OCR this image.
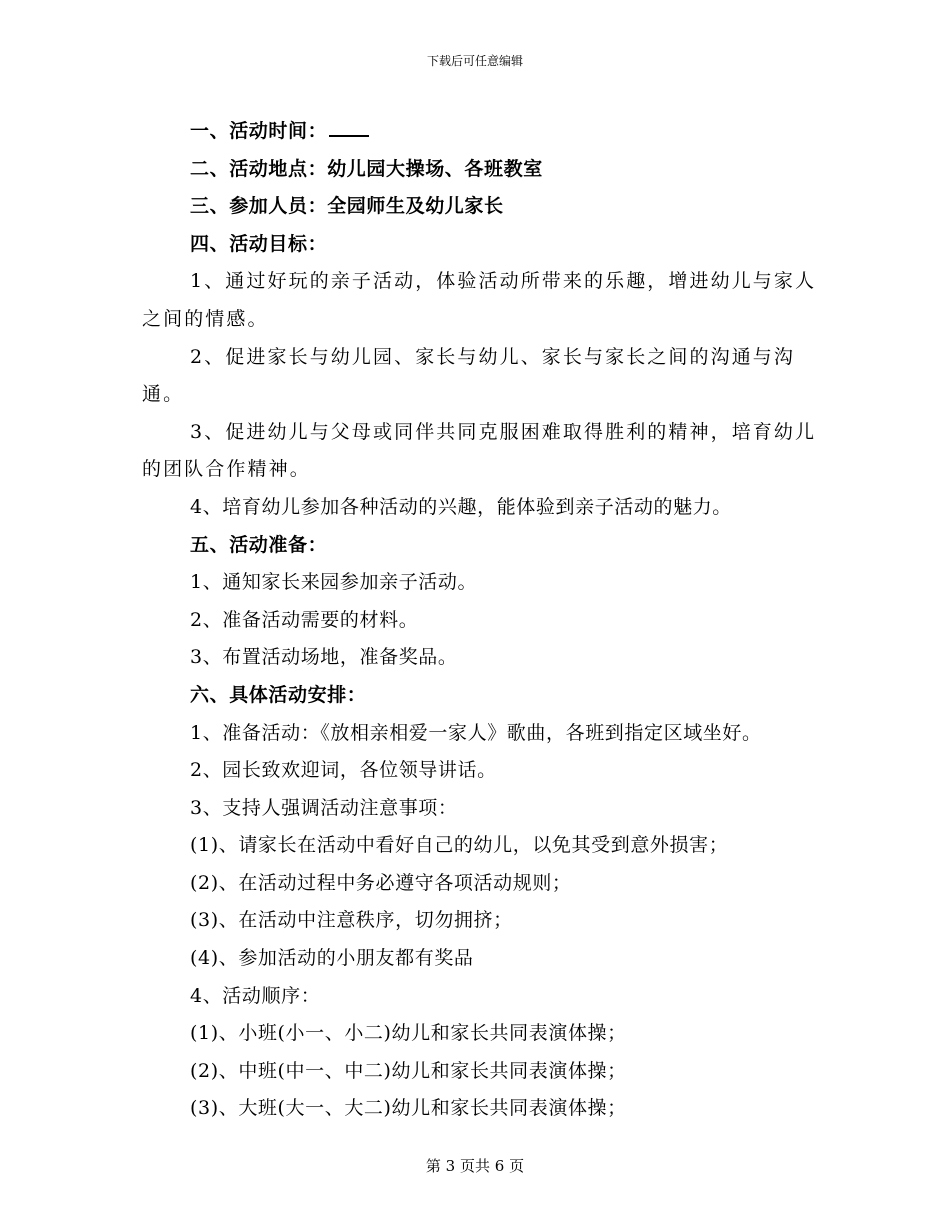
下载后可任意编辑

一、活动时间：

二、活动地点：幼儿园大操场、各班教室

三、参加人员：全园师生及幼儿家长

四、活动目标：

1、通过好玩的亲子活动，体验活动所带来的乐趣，增进幼儿与家人之间的情感。

2、促进家长与幼儿园、家长与幼儿、家长与家长之间的沟通与沟通。

3、促进幼儿与父母或同伴共同克服困难取得胜利的精神，培育幼儿的团队合作精神。

4、培育幼儿参加各种活动的兴趣，能体验到亲子活动的魅力。

五、活动准备：

1、通知家长来园参加亲子活动。

2、准备活动需要的材料。

3、布置活动场地，准备奖品。

六、具体活动安排：

1、准备活动：《放相亲相爱一家人》歌曲，各班到指定区域坐好。

2、园长致欢迎词，各位领导讲话。

3、支持人强调活动注意事项：

(1)、请家长在活动中看好自己的幼儿，以免其受到意外损害；

(2)、在活动过程中务必遵守各项活动规则；

(3)、在活动中注意秩序，切勿拥挤；

(4)、参加活动的小朋友都有奖品

4、活动顺序：

(1)、小班(小一、小二)幼儿和家长共同表演体操；

(2)、中班(中一、中二)幼儿和家长共同表演体操；

(3)、大班(大一、大二)幼儿和家长共同表演体操；

第 3 页共 6 页
